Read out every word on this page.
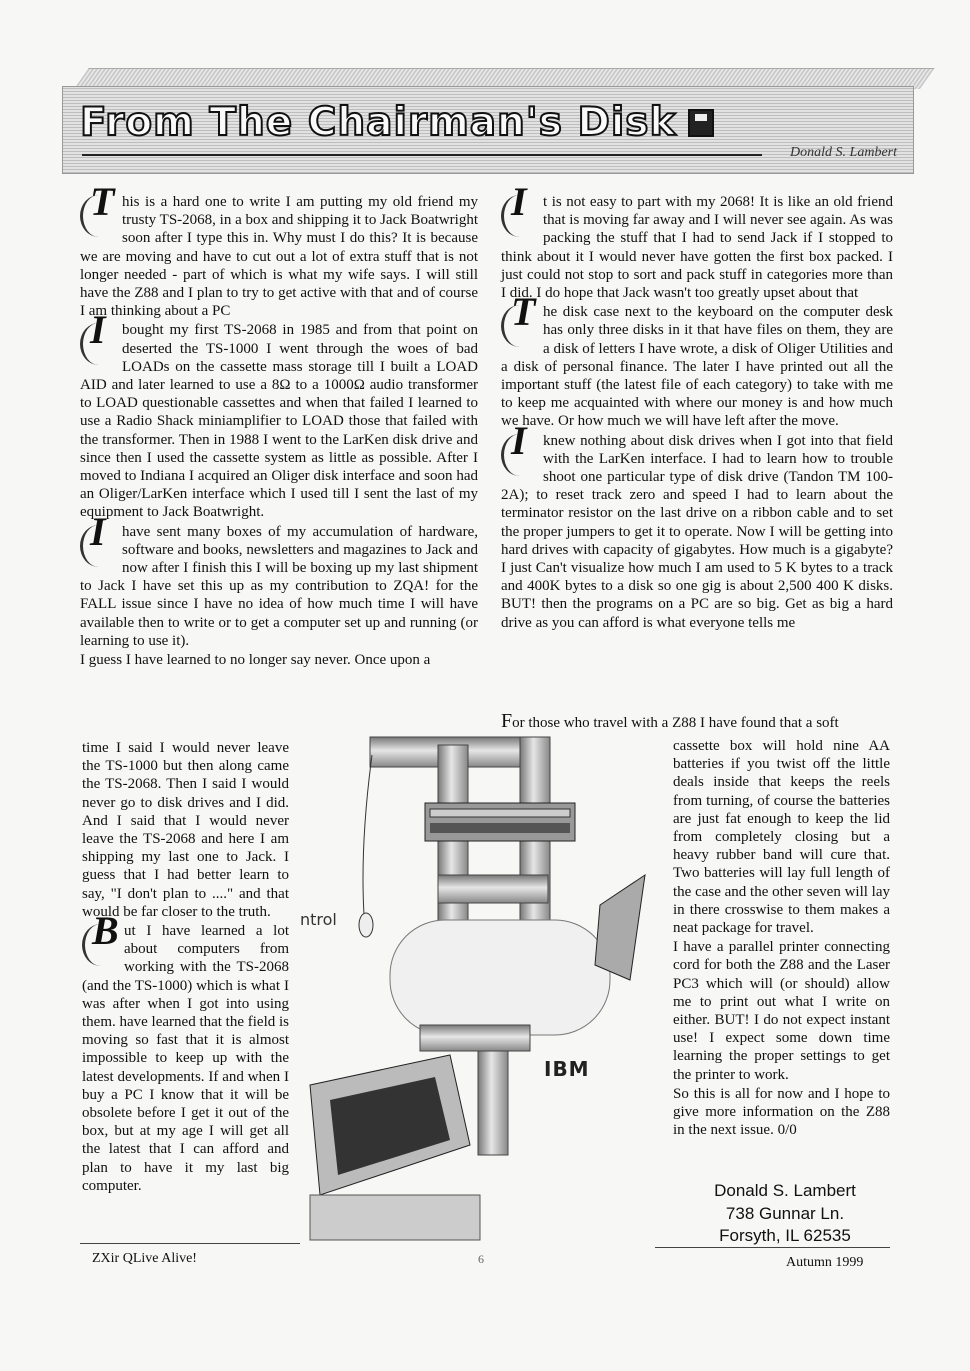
From The Chairman's Disk
Donald S. Lambert

T his is a hard one to write I am putting my old friend my trusty TS-2068, in a box and shipping it to Jack Boatwright soon after I type this in. Why must I do this? It is because we are moving and have to cut out a lot of extra stuff that is not longer needed - part of which is what my wife says. I will still have the Z88 and I plan to try to get active with that and of course I am thinking about a PC

I bought my first TS-2068 in 1985 and from that point on deserted the TS-1000 I went through the woes of bad LOADs on the cassette mass storage till I built a LOAD AID and later learned to use a 8Ω to a 1000Ω audio transformer to LOAD questionable cassettes and when that failed I learned to use a Radio Shack miniamplifier to LOAD those that failed with the transformer. Then in 1988 I went to the LarKen disk drive and since then I used the cassette system as little as possible. After I moved to Indiana I acquired an Oliger disk interface and soon had an Oliger/LarKen interface which I used till I sent the last of my equipment to Jack Boatwright.

I have sent many boxes of my accumulation of hardware, software and books, newsletters and magazines to Jack and now after I finish this I will be boxing up my last shipment to Jack I have set this up as my contribution to ZQA! for the FALL issue since I have no idea of how much time I will have available then to write or to get a computer set up and running (or learning to use it).

I guess I have learned to no longer say never. Once upon a

time I said I would never leave the TS-1000 but then along came the TS-2068. Then I said I would never go to disk drives and I did. And I said that I would never leave the TS-2068 and here I am shipping my last one to Jack. I guess that I had better learn to say, "I don't plan to ...." and that would be far closer to the truth.

B ut I have learned a lot about computers from working with the TS-2068 (and the TS-1000) which is what I was after when I got into using them. have learned that the field is moving so fast that it is almost impossible to keep up with the latest developments. If and when I buy a PC I know that it will be obsolete before I get it out of the box, but at my age I will get all the latest that I can afford and plan to have it my last big computer.

I t is not easy to part with my 2068! It is like an old friend that is moving far away and I will never see again. As was packing the stuff that I had to send Jack if I stopped to think about it I would never have gotten the first box packed. I just could not stop to sort and pack stuff in categories more than I did. I do hope that Jack wasn't too greatly upset about that

T he disk case next to the keyboard on the computer desk has only three disks in it that have files on them, they are a disk of letters I have wrote, a disk of Oliger Utilities and a disk of personal finance. The later I have printed out all the important stuff (the latest file of each category) to take with me to keep me acquainted with where our money is and how much we have. Or how much we will have left after the move.

I knew nothing about disk drives when I got into that field with the LarKen interface. I had to learn how to trouble shoot one particular type of disk drive (Tandon TM 100-2A); to reset track zero and speed I had to learn about the terminator resistor on the last drive on a ribbon cable and to set the proper jumpers to get it to operate. Now I will be getting into hard drives with capacity of gigabytes. How much is a gigabyte? I just Can't visualize how much I am used to 5 K bytes to a track and 400K bytes to a disk so one gig is about 2,500 400 K disks. BUT! then the programs on a PC are so big. Get as big a hard drive as you can afford is what everyone tells me

For those who travel with a Z88 I have found that a soft

cassette box will hold nine AA batteries if you twist off the little deals inside that keeps the reels from turning, of course the batteries are just fat enough to keep the lid from completely closing but a heavy rubber band will cure that. Two batteries will lay full length of the case and the other seven will lay in there crosswise to them makes a neat package for travel.

I have a parallel printer connecting cord for both the Z88 and the Laser PC3 which will (or should) allow me to print out what I write on either. BUT! I do not expect instant use! I expect some down time learning the proper settings to get the printer to work.

So this is all for now and I hope to give more information on the Z88 in the next issue. 0/0

ntrol
IBM
Donald S. Lambert
738 Gunnar Ln.
Forsyth, IL 62535
ZXir QLive Alive!	6	Autumn 1999
